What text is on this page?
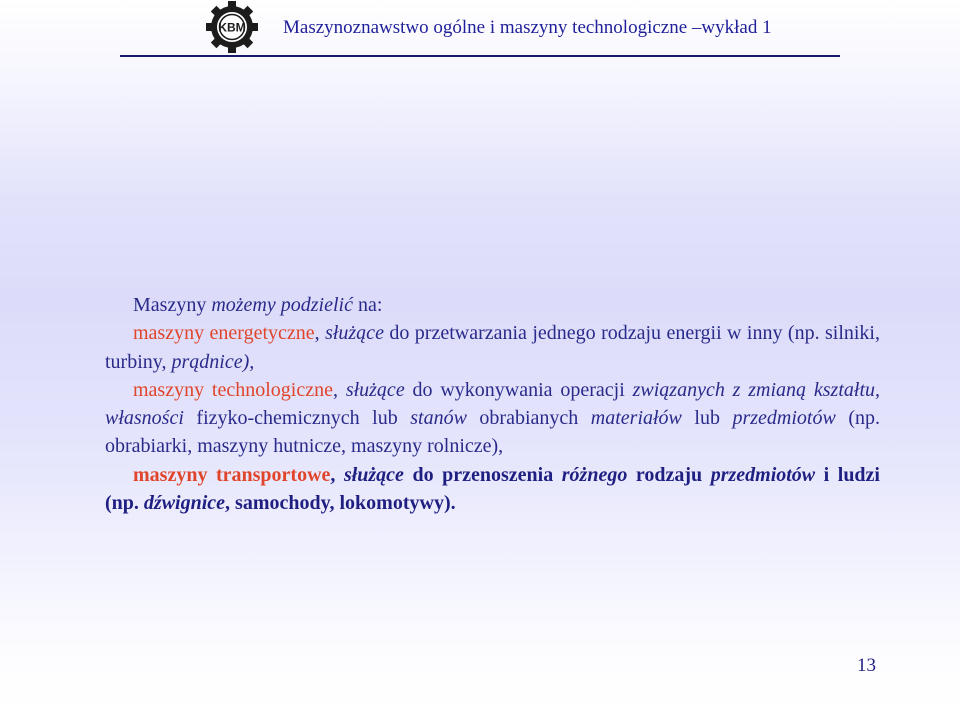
KBM Maszynoznawstwo ogólne i maszyny technologiczne –wykład 1

Maszyny możemy podzielić na:

maszyny energetyczne, służące do przetwarzania jednego rodzaju energii w inny (np. silniki, turbiny, prądnice),

maszyny technologiczne, służące do wykonywania operacji związanych z zmianą kształtu, własności fizyko-chemicznych lub stanów obrabianych materiałów lub przedmiotów (np. obrabiarki, maszyny hutnicze, maszyny rolnicze),

maszyny transportowe, służące do przenoszenia różnego rodzaju przedmiotów i ludzi (np. dźwignice, samochody, lokomotywy).

13
